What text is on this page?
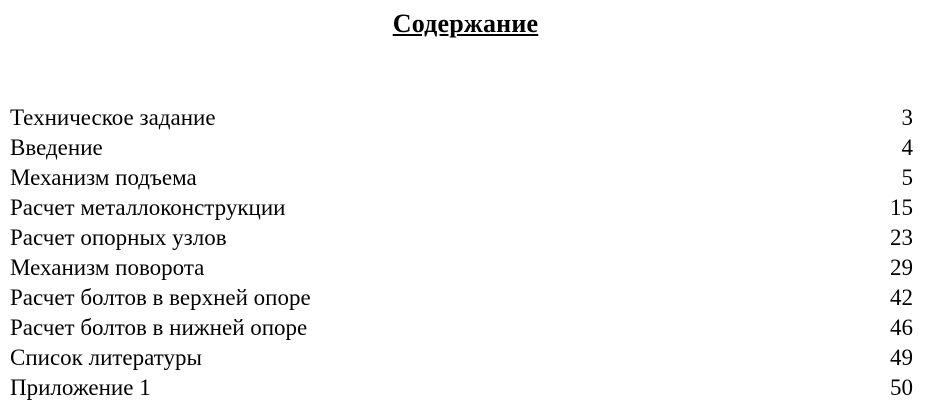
Содержание
Техническое задание	3
Введение	4
Механизм подъема	5
Расчет металлоконструкции	15
Расчет опорных узлов	23
Механизм поворота	29
Расчет болтов в верхней опоре	42
Расчет болтов в нижней опоре	46
Список литературы	49
Приложение 1	50
